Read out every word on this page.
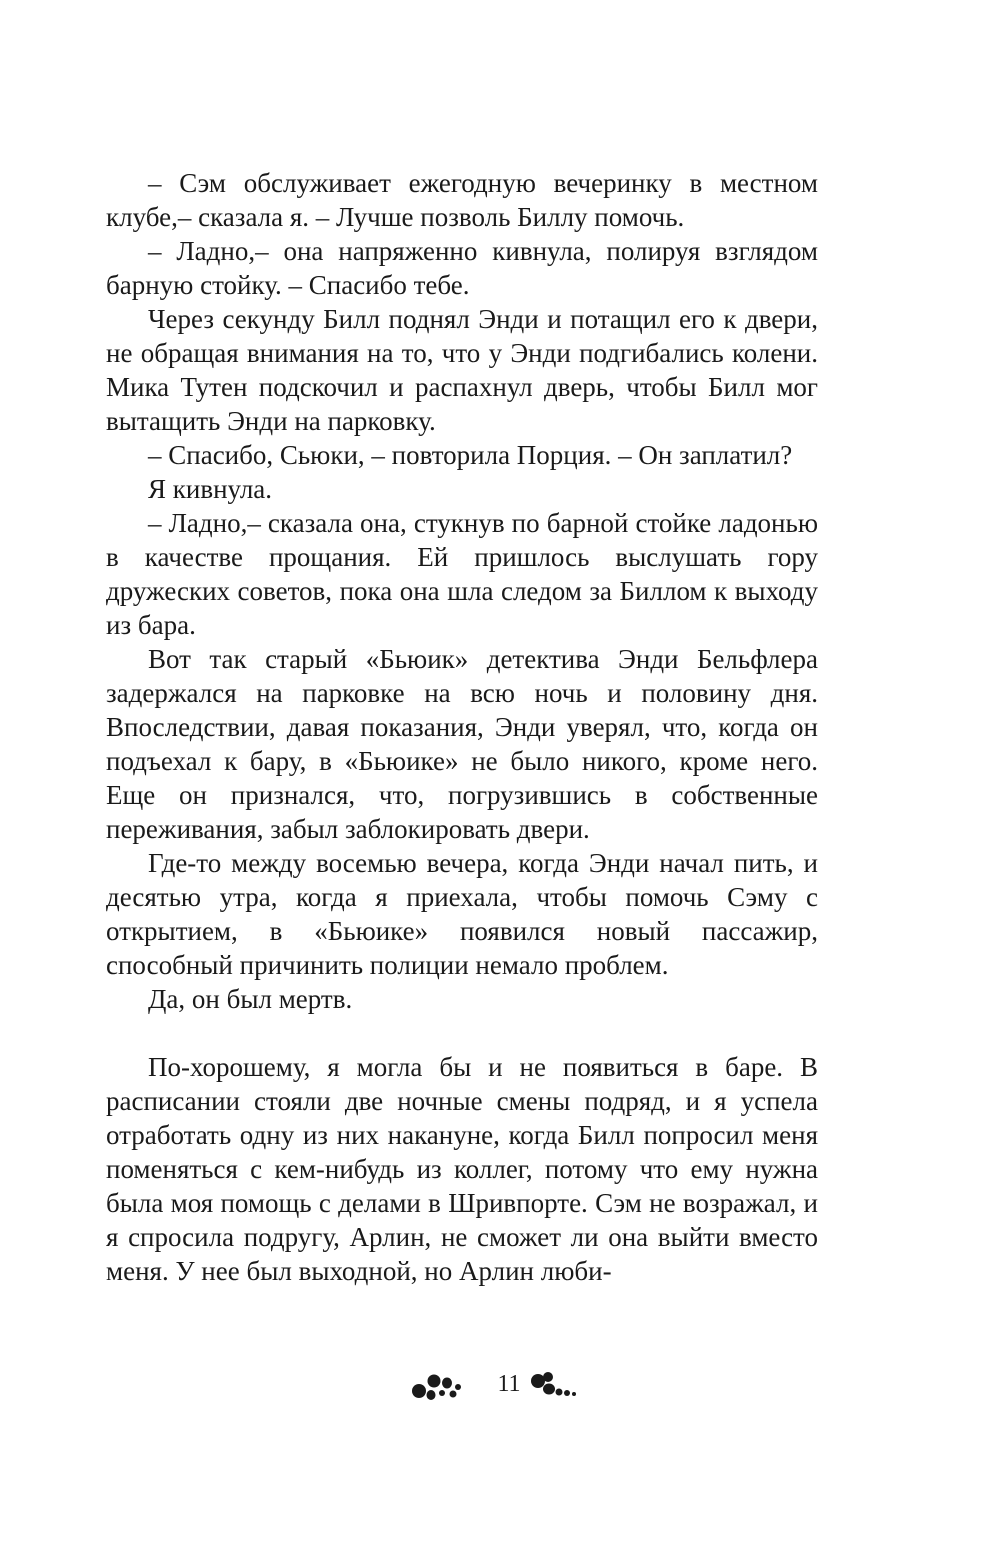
– Сэм обслуживает ежегодную вечеринку в местном клубе,– сказала я. – Лучше позволь Биллу помочь.

– Ладно,– она напряженно кивнула, полируя взглядом барную стойку. – Спасибо тебе.

Через секунду Билл поднял Энди и потащил его к двери, не обращая внимания на то, что у Энди подгибались колени. Мика Тутен подскочил и распахнул дверь, чтобы Билл мог вытащить Энди на парковку.

– Спасибо, Сьюки, – повторила Порция. – Он заплатил?

Я кивнула.

– Ладно,– сказала она, стукнув по барной стойке ладонью в качестве прощания. Ей пришлось выслушать гору дружеских советов, пока она шла следом за Биллом к выходу из бара.

Вот так старый «Бьюик» детектива Энди Бельфлера задержался на парковке на всю ночь и половину дня. Впоследствии, давая показания, Энди уверял, что, когда он подъехал к бару, в «Бьюике» не было никого, кроме него. Еще он признался, что, погрузившись в собственные переживания, забыл заблокировать двери.

Где-то между восемью вечера, когда Энди начал пить, и десятью утра, когда я приехала, чтобы помочь Сэму с открытием, в «Бьюике» появился новый пассажир, способный причинить полиции немало проблем.

Да, он был мертв.

По-хорошему, я могла бы и не появиться в баре. В расписании стояли две ночные смены подряд, и я успела отработать одну из них накануне, когда Билл попросил меня поменяться с кем-нибудь из коллег, потому что ему нужна была моя помощь с делами в Шривпорте. Сэм не возражал, и я спросила подругу, Арлин, не сможет ли она выйти вместо меня. У нее был выходной, но Арлин люби-

11
